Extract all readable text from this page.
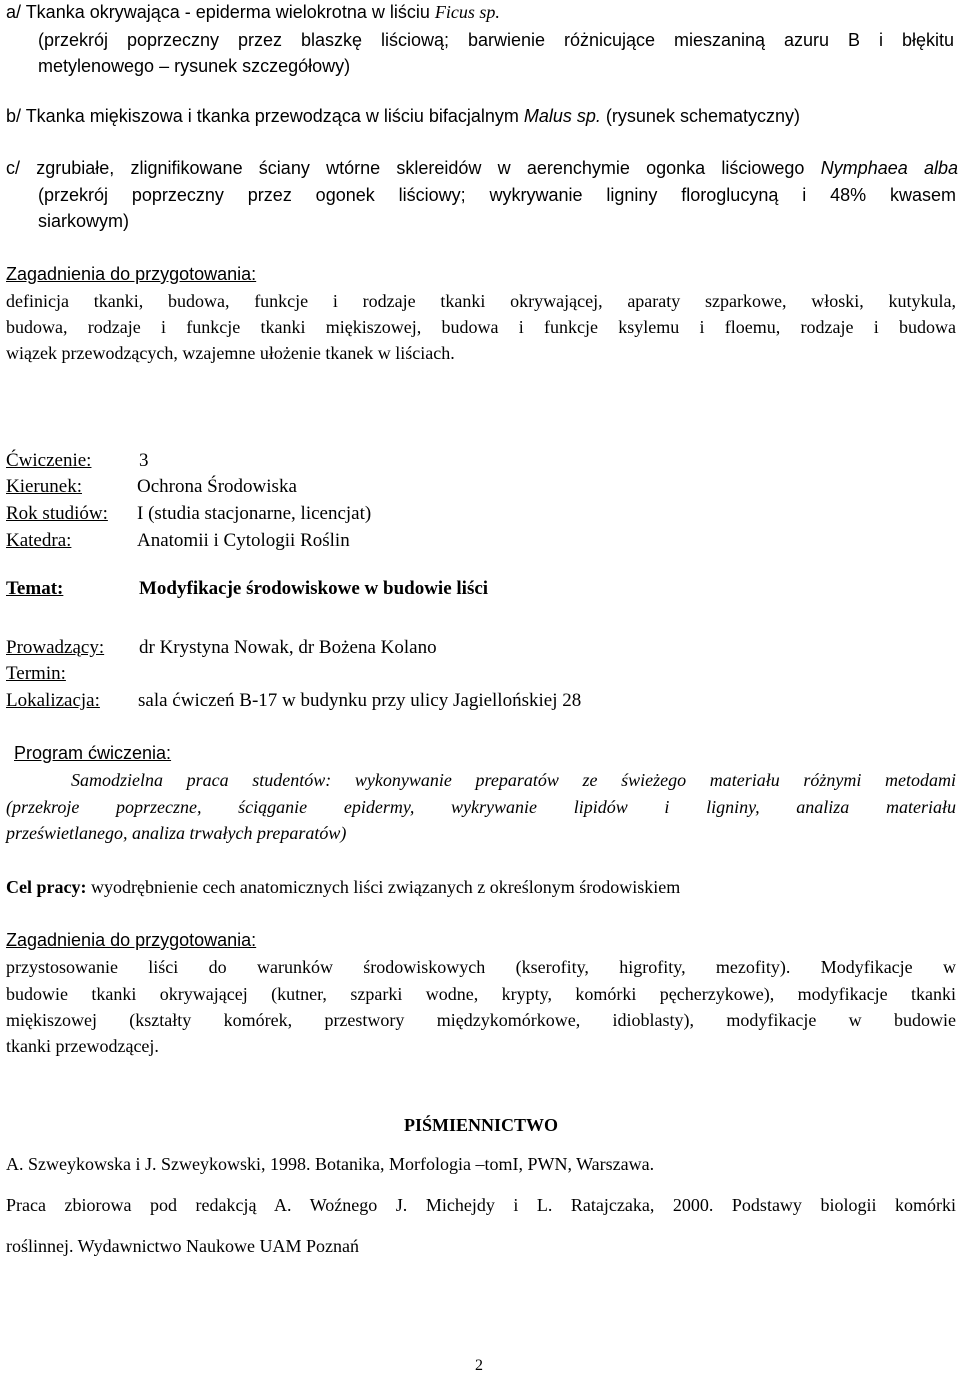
a/ Tkanka okrywająca - epiderma wielokrotna w liściu Ficus sp.
(przekrój poprzeczny przez blaszkę liściową; barwienie różnicujące mieszaniną azuru B i błękitu
metylenowego – rysunek szczegółowy)
b/ Tkanka miękiszowa i tkanka przewodząca w liściu bifacjalnym Malus sp. (rysunek schematyczny)
c/ zgrubiałe, zlignifikowane ściany wtórne sklereidów w aerenchymie ogonka liściowego Nymphaea alba
(przekrój poprzeczny przez ogonek liściowy; wykrywanie ligniny floroglucyną i 48% kwasem
siarkowym)
Zagadnienia do przygotowania:
definicja tkanki, budowa, funkcje i rodzaje tkanki okrywającej, aparaty szparkowe, włoski, kutykula,
budowa, rodzaje i funkcje tkanki miękiszowej, budowa i funkcje ksylemu i floemu, rodzaje i budowa
wiązek przewodzących, wzajemne ułożenie tkanek w liściach.
Ćwiczenie:	3
Kierunek:	Ochrona Środowiska
Rok studiów: I (studia stacjonarne, licencjat)
Katedra:	Anatomii i Cytologii Roślin
Temat:	Modyfikacje środowiskowe w budowie liści
Prowadzący: dr Krystyna Nowak, dr Bożena Kolano
Termin:
Lokalizacja: sala ćwiczeń B-17 w budynku przy ulicy Jagiellońskiej 28
Program ćwiczenia:
Samodzielna praca studentów: wykonywanie preparatów ze świeżego materiału różnymi metodami
(przekroje poprzeczne, ściąganie epidermy, wykrywanie lipidów i ligniny, analiza materiału
prześwietlanego, analiza trwałych preparatów)
Cel pracy: wyodrębnienie cech anatomicznych liści związanych z określonym środowiskiem
Zagadnienia do przygotowania:
przystosowanie liści do warunków środowiskowych (kserofity, higrofity, mezofity). Modyfikacje w
budowie tkanki okrywającej (kutner, szparki wodne, krypty, komórki pęcherzykowe), modyfikacje tkanki
miękiszowej (kształty komórek, przestwory międzykomórkowe, idioblasty), modyfikacje w budowie
tkanki przewodzącej.
PIŚMIENNICTWO
A. Szweykowska i J. Szweykowski, 1998. Botanika, Morfologia –tomI, PWN, Warszawa.
Praca zbiorowa pod redakcją A. Woźnego J. Michejdy i L. Ratajczaka, 2000. Podstawy biologii komórki
roślinnej. Wydawnictwo Naukowe UAM Poznań
2
